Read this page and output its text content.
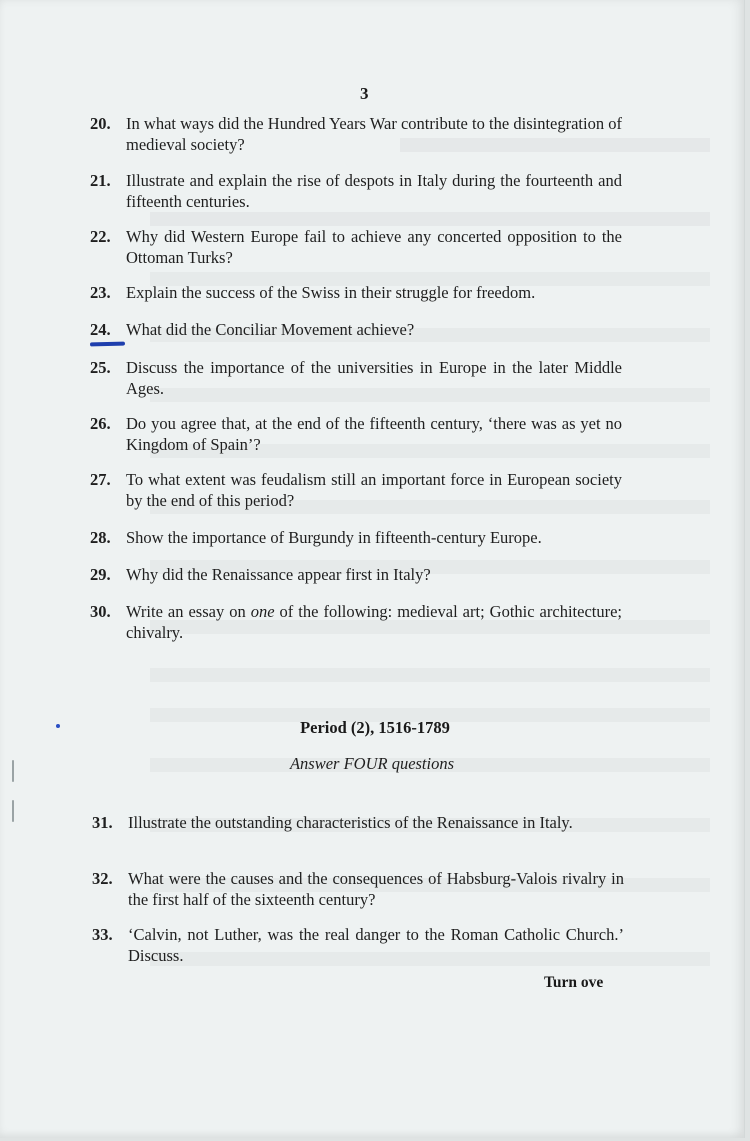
3
20. In what ways did the Hundred Years War contribute to the disintegration of medieval society?
21. Illustrate and explain the rise of despots in Italy during the fourteenth and fifteenth centuries.
22. Why did Western Europe fail to achieve any concerted opposition to the Ottoman Turks?
23. Explain the success of the Swiss in their struggle for freedom.
24. What did the Conciliar Movement achieve?
25. Discuss the importance of the universities in Europe in the later Middle Ages.
26. Do you agree that, at the end of the fifteenth century, ‘there was as yet no Kingdom of Spain’?
27. To what extent was feudalism still an important force in European society by the end of this period?
28. Show the importance of Burgundy in fifteenth-century Europe.
29. Why did the Renaissance appear first in Italy?
30. Write an essay on one of the following: medieval art; Gothic architecture; chivalry.
Period (2), 1516-1789
Answer FOUR questions
31. Illustrate the outstanding characteristics of the Renaissance in Italy.
32. What were the causes and the consequences of Habsburg-Valois rivalry in the first half of the sixteenth century?
33. ‘Calvin, not Luther, was the real danger to the Roman Catholic Church.’ Discuss.
Turn ove
